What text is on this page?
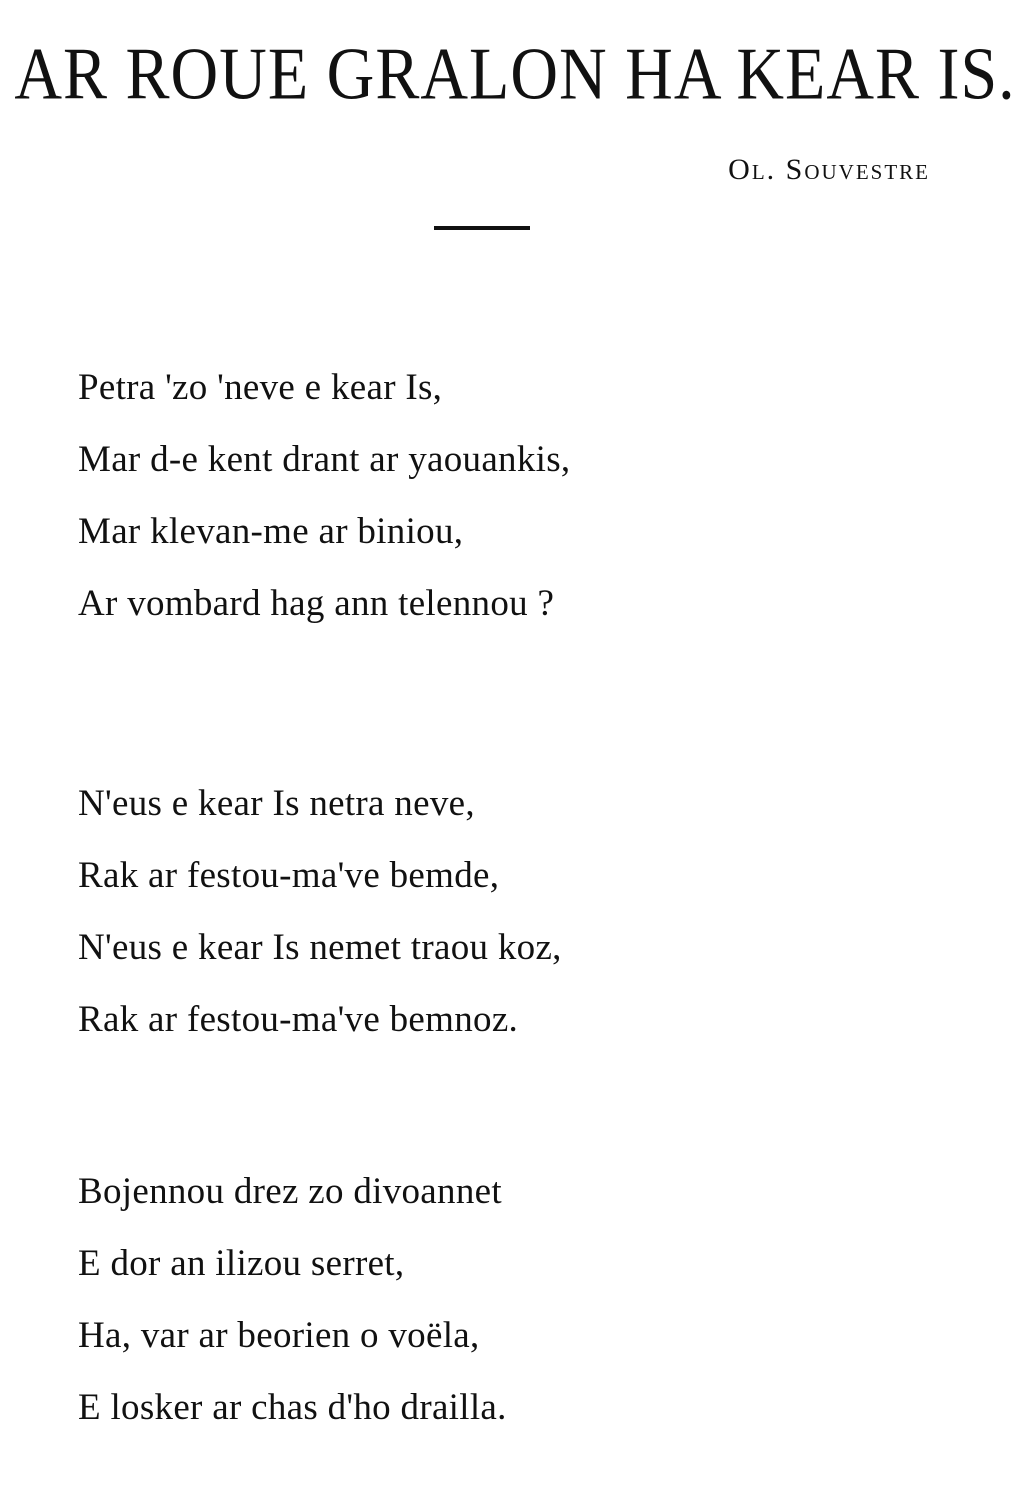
AR ROUE GRALON HA KEAR IS.
Ol. Souvestre
Petra 'zo 'neve e kear Is,
Mar d-e kent drant ar yaouankis,
Mar klevan-me ar biniou,
Ar vombard hag ann telennou ?
N'eus e kear Is netra neve,
Rak ar festou-ma've bemde,
N'eus e kear Is nemet traou koz,
Rak ar festou-ma've bemnoz.
Bojennou drez zo divoannet
E dor an ilizou serret,
Ha, var ar beorien o voëla,
E losker ar chas d'ho drailla.
